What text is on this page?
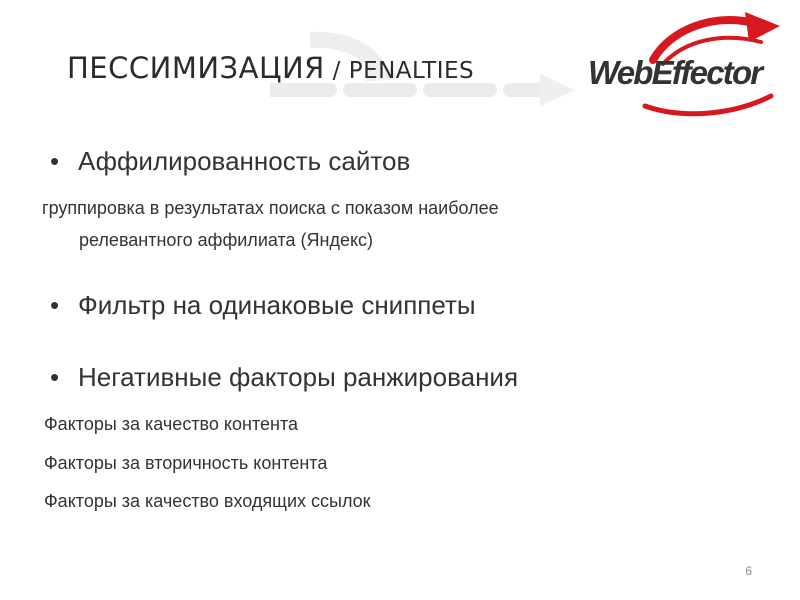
ПЕССИМИЗАЦИЯ / PENALTIES	WebEffector
• Аффилированность сайтов
группировка в результатах поиска с показом наиболее
релевантного аффилиата (Яндекс)
• Фильтр на одинаковые сниппеты
• Негативные факторы ранжирования
Факторы за качество контента
Факторы за вторичность контента
Факторы за качество входящих ссылок
6
